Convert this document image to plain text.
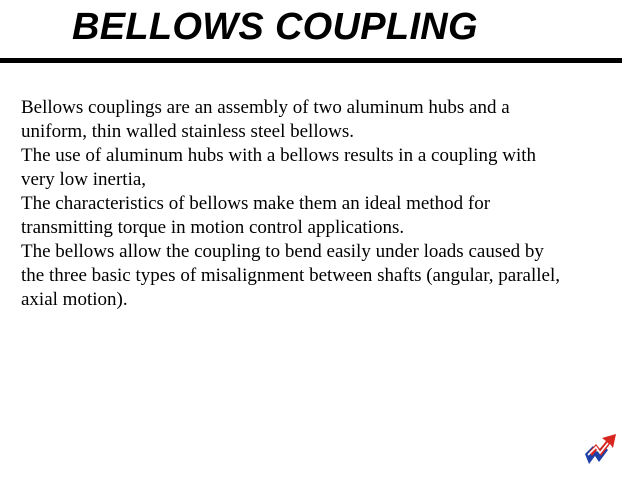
BELLOWS COUPLING
Bellows couplings are an assembly of two aluminum hubs and a
uniform, thin walled stainless steel bellows.
The use of aluminum hubs with a bellows results in a coupling with
very low inertia,
The characteristics of bellows make them an ideal method for
transmitting torque in motion control applications.
The bellows allow the coupling to bend easily under loads caused by
the three basic types of misalignment between shafts (angular, parallel,
axial motion).
